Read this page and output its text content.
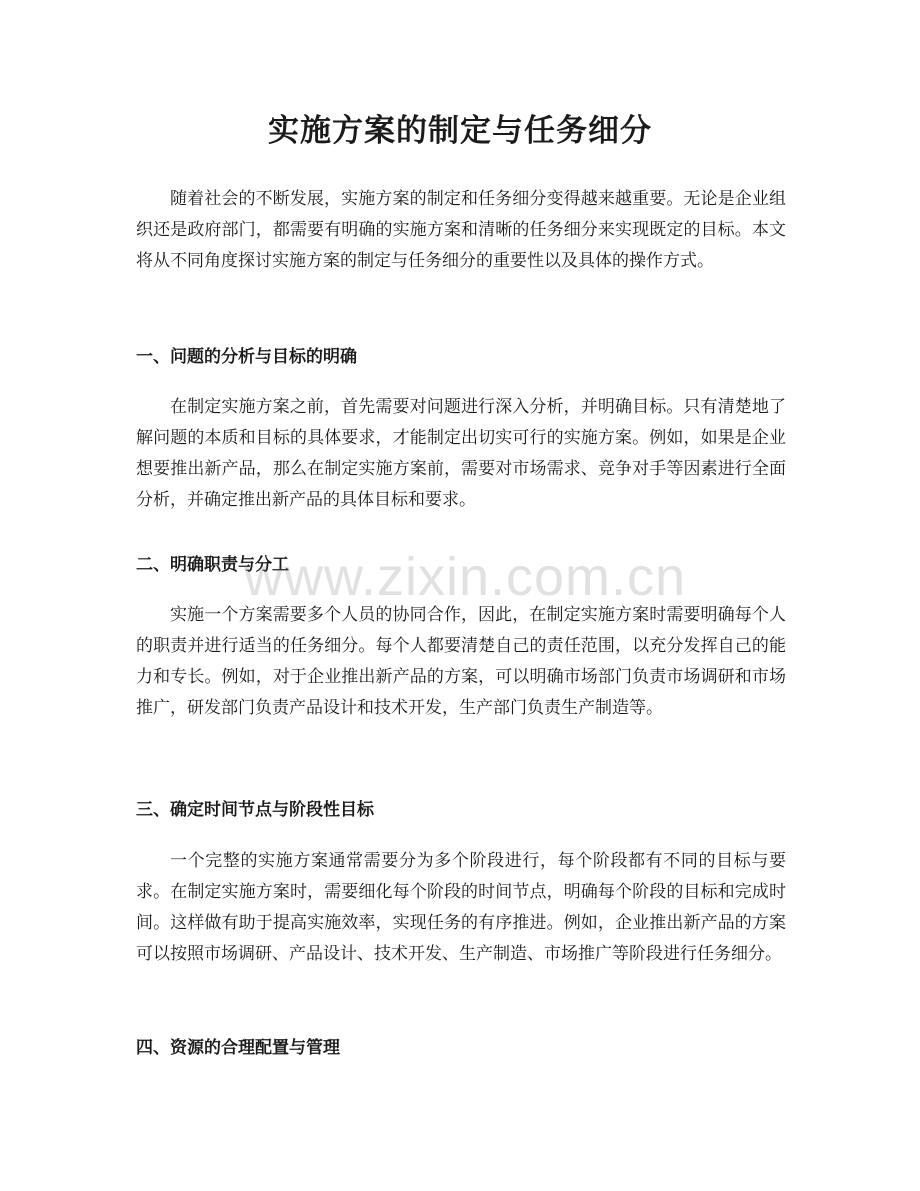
实施方案的制定与任务细分

随着社会的不断发展，实施方案的制定和任务细分变得越来越重要。无论是企业组织还是政府部门，都需要有明确的实施方案和清晰的任务细分来实现既定的目标。本文将从不同角度探讨实施方案的制定与任务细分的重要性以及具体的操作方式。

一、问题的分析与目标的明确

在制定实施方案之前，首先需要对问题进行深入分析，并明确目标。只有清楚地了解问题的本质和目标的具体要求，才能制定出切实可行的实施方案。例如，如果是企业想要推出新产品，那么在制定实施方案前，需要对市场需求、竞争对手等因素进行全面分析，并确定推出新产品的具体目标和要求。

二、明确职责与分工

实施一个方案需要多个人员的协同合作，因此，在制定实施方案时需要明确每个人的职责并进行适当的任务细分。每个人都要清楚自己的责任范围，以充分发挥自己的能力和专长。例如，对于企业推出新产品的方案，可以明确市场部门负责市场调研和市场推广，研发部门负责产品设计和技术开发，生产部门负责生产制造等。

三、确定时间节点与阶段性目标

一个完整的实施方案通常需要分为多个阶段进行，每个阶段都有不同的目标与要求。在制定实施方案时，需要细化每个阶段的时间节点，明确每个阶段的目标和完成时间。这样做有助于提高实施效率，实现任务的有序推进。例如，企业推出新产品的方案可以按照市场调研、产品设计、技术开发、生产制造、市场推广等阶段进行任务细分。

四、资源的合理配置与管理
www.zixin.com.cn
